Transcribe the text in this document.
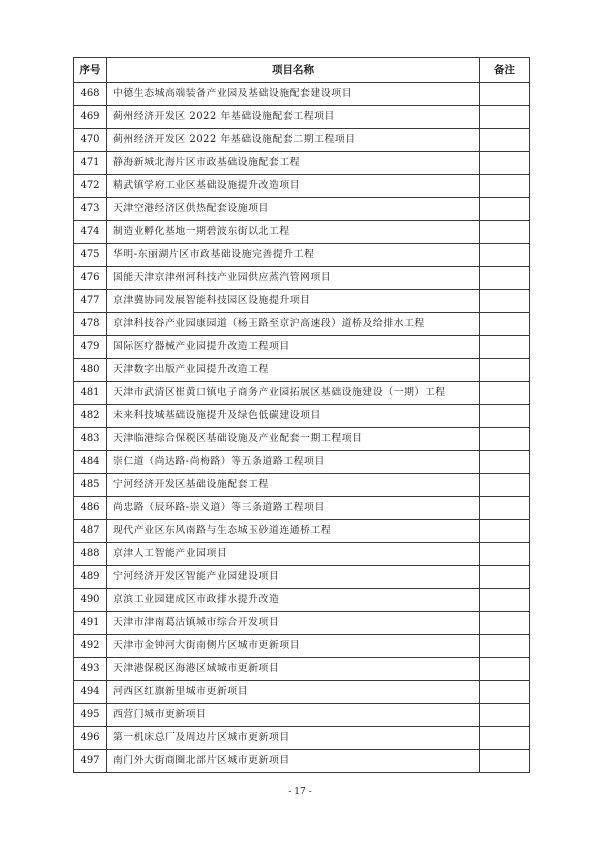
序号	项目名称	备注
468	中德生态城高端装备产业园及基础设施配套建设项目	
469	蓟州经济开发区 2022 年基础设施配套工程项目	
470	蓟州经济开发区 2022 年基础设施配套二期工程项目	
471	静海新城北海片区市政基础设施配套工程	
472	精武镇学府工业区基础设施提升改造项目	
473	天津空港经济区供热配套设施项目	
474	制造业孵化基地一期碧波东街以北工程	
475	华明-东丽湖片区市政基础设施完善提升工程	
476	国能天津京津州河科技产业园供应蒸汽管网项目	
477	京津冀协同发展智能科技园区设施提升项目	
478	京津科技谷产业园康园道（杨王路至京沪高速段）道桥及给排水工程	
479	国际医疗器械产业园提升改造工程项目	
480	天津数字出版产业园提升改造工程	
481	天津市武清区崔黄口镇电子商务产业园拓展区基础设施建设（一期）工程	
482	未来科技城基础设施提升及绿色低碳建设项目	
483	天津临港综合保税区基础设施及产业配套一期工程项目	
484	崇仁道（尚达路-尚梅路）等五条道路工程项目	
485	宁河经济开发区基础设施配套工程	
486	尚忠路（辰环路-崇义道）等三条道路工程项目	
487	现代产业区东风南路与生态城玉砂道连通桥工程	
488	京津人工智能产业园项目	
489	宁河经济开发区智能产业园建设项目	
490	京滨工业园建成区市政排水提升改造	
491	天津市津南葛沽镇城市综合开发项目	
492	天津市金钟河大街南侧片区城市更新项目	
493	天津港保税区海港区域城市更新项目	
494	河西区红旗新里城市更新项目	
495	西营门城市更新项目	
496	第一机床总厂及周边片区城市更新项目	
497	南门外大街商圈北部片区城市更新项目	
- 17 -
